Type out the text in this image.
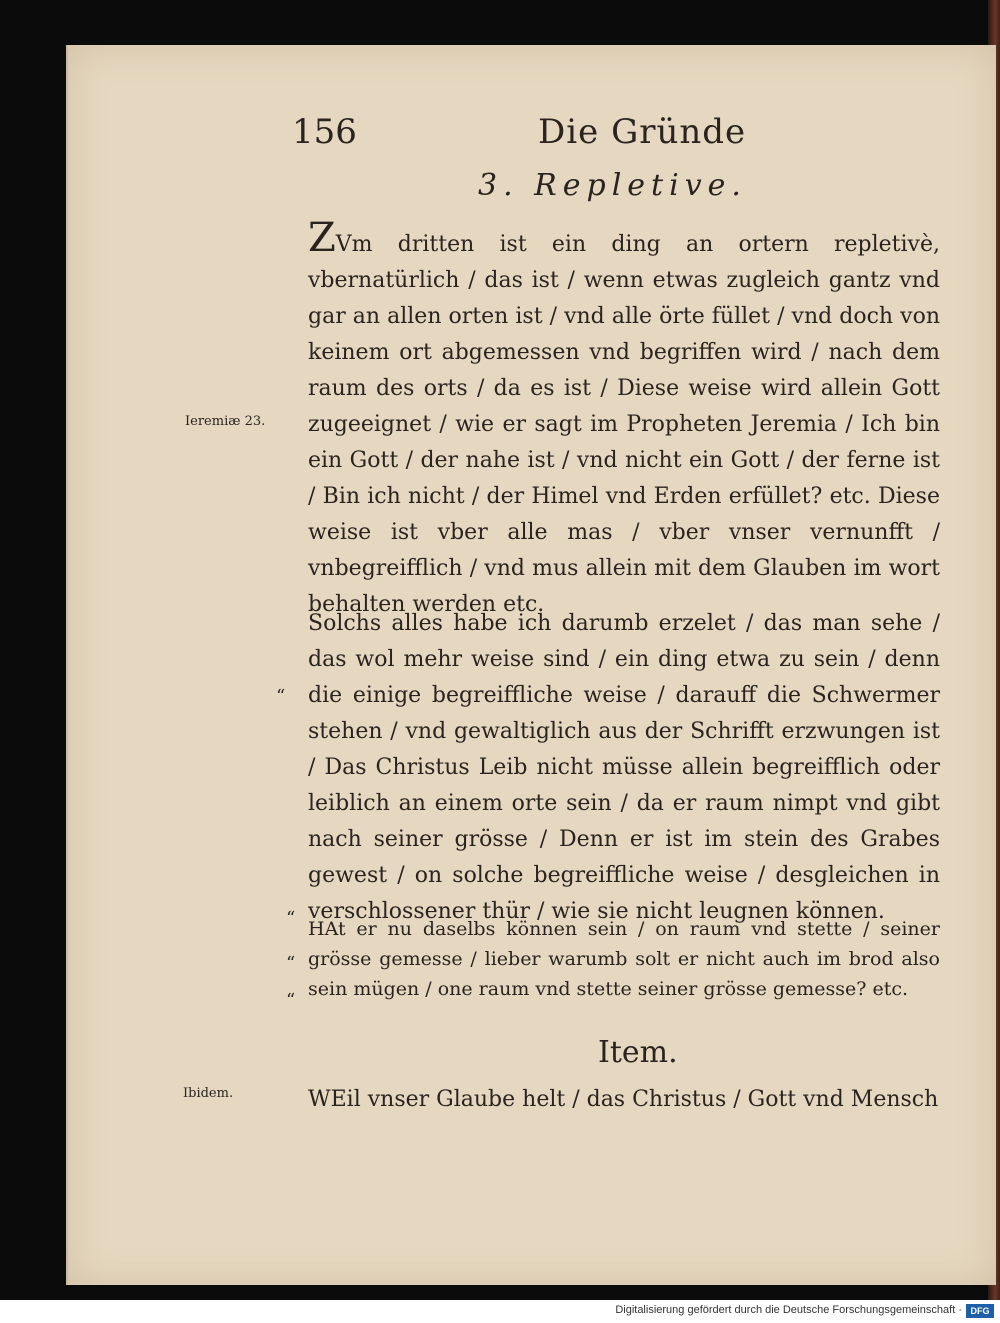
156	Die Gründe
3. Repletive.
Ieremiæ 23.
Ibidem.
“
“
“
“

ZVm dritten ist ein ding an ortern repletivè, vbernatürlich / das ist / wenn etwas zugleich gantz vnd gar an allen orten ist / vnd alle örte füllet / vnd doch von keinem ort abgemessen vnd begriffen wird / nach dem raum des orts / da es ist / Diese weise wird allein Gott zugeeignet / wie er sagt im Propheten Jeremia / Ich bin ein Gott / der nahe ist / vnd nicht ein Gott / der ferne ist / Bin ich nicht / der Himel vnd Erden erfüllet? etc. Diese weise ist vber alle mas / vber vnser vernunfft / vnbegreifflich / vnd mus allein mit dem Glauben im wort behalten werden etc.

Solchs alles habe ich darumb erzelet / das man sehe / das wol mehr weise sind / ein ding etwa zu sein / denn die einige begreiffliche weise / darauff die Schwermer stehen / vnd gewaltiglich aus der Schrifft erzwungen ist / Das Christus Leib nicht müsse allein begreifflich oder leiblich an einem orte sein / da er raum nimpt vnd gibt nach seiner grösse / Denn er ist im stein des Grabes gewest / on solche begreiffliche weise / desgleichen in verschlossener thür / wie sie nicht leugnen können.

HAt er nu daselbs können sein / on raum vnd stette / seiner grösse gemesse / lieber warumb solt er nicht auch im brod also sein mügen / one raum vnd stette seiner grösse gemesse? etc.

Item.

WEil vnser Glaube helt / das Christus / Gott vnd Mensch

Digitalisierung gefördert durch die Deutsche Forschungsgemeinschaft · DFG
